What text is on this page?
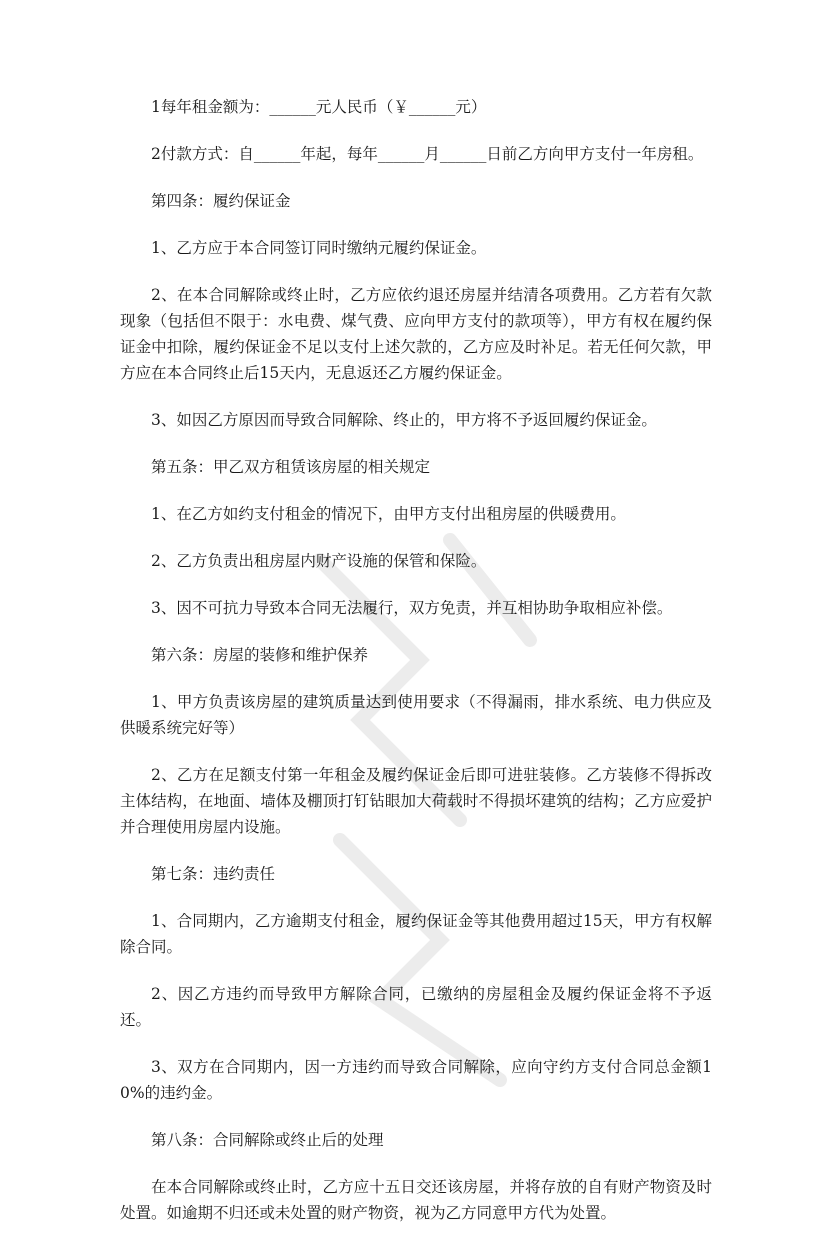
1每年租金额为：______元人民币（￥______元）

2付款方式：自______年起，每年______月______日前乙方向甲方支付一年房租。

第四条：履约保证金

1、乙方应于本合同签订同时缴纳元履约保证金。

2、在本合同解除或终止时，乙方应依约退还房屋并结清各项费用。乙方若有欠款现象（包括但不限于：水电费、煤气费、应向甲方支付的款项等），甲方有权在履约保证金中扣除，履约保证金不足以支付上述欠款的，乙方应及时补足。若无任何欠款，甲方应在本合同终止后15天内，无息返还乙方履约保证金。

3、如因乙方原因而导致合同解除、终止的，甲方将不予返回履约保证金。

第五条：甲乙双方租赁该房屋的相关规定

1、在乙方如约支付租金的情况下，由甲方支付出租房屋的供暖费用。

2、乙方负责出租房屋内财产设施的保管和保险。

3、因不可抗力导致本合同无法履行，双方免责，并互相协助争取相应补偿。

第六条：房屋的装修和维护保养

1、甲方负责该房屋的建筑质量达到使用要求（不得漏雨，排水系统、电力供应及供暖系统完好等）

2、乙方在足额支付第一年租金及履约保证金后即可进驻装修。乙方装修不得拆改主体结构，在地面、墙体及棚顶打钉钻眼加大荷载时不得损坏建筑的结构；乙方应爱护并合理使用房屋内设施。

第七条：违约责任

1、合同期内，乙方逾期支付租金，履约保证金等其他费用超过15天，甲方有权解除合同。

2、因乙方违约而导致甲方解除合同，已缴纳的房屋租金及履约保证金将不予返还。

3、双方在合同期内，因一方违约而导致合同解除，应向守约方支付合同总金额10%的违约金。

第八条：合同解除或终止后的处理

在本合同解除或终止时，乙方应十五日交还该房屋，并将存放的自有财产物资及时处置。如逾期不归还或未处置的财产物资，视为乙方同意甲方代为处置。
